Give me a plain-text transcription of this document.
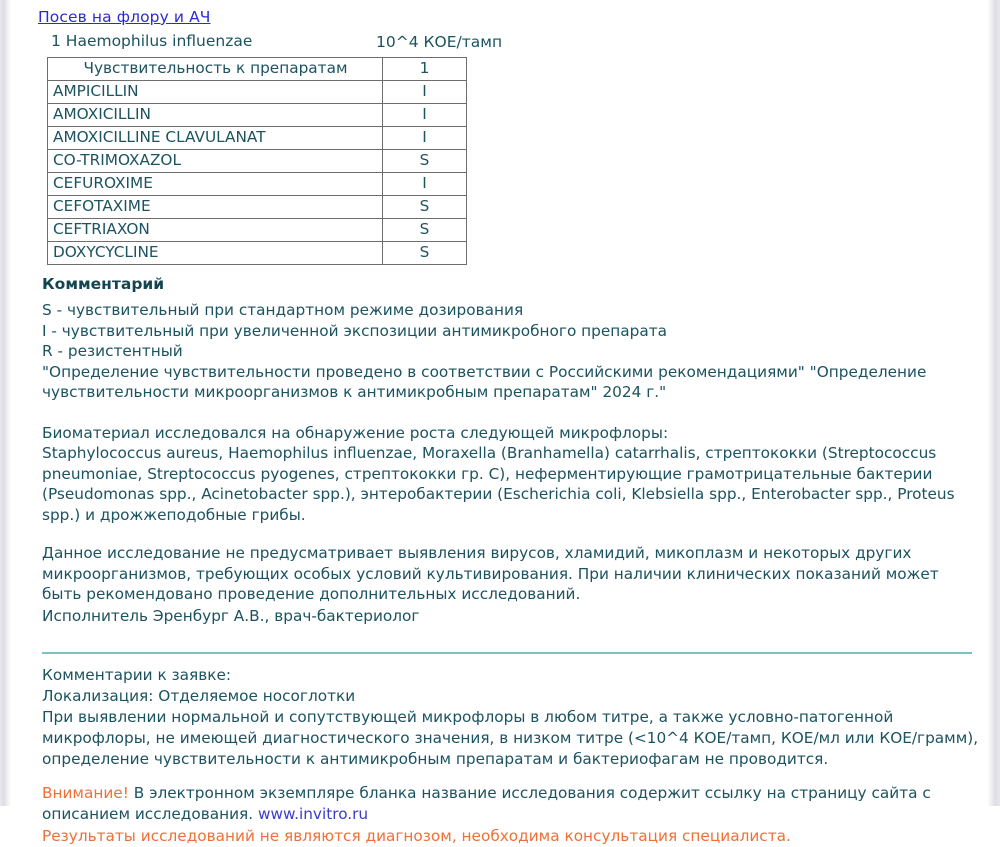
Посев на флору и АЧ
1 Haemophilus influenzae	10^4 КОЕ/тамп
Чувствительность к препаратам	1
AMPICILLIN	I
AMOXICILLIN	I
AMOXICILLINE CLAVULANAT	I
CO-TRIMOXAZOL	S
CEFUROXIME	I
CEFOTAXIME	S
CEFTRIAXON	S
DOXYCYCLINE	S
Комментарий
S - чувствительный при стандартном режиме дозирования
I - чувствительный при увеличенной экспозиции антимикробного препарата
R - резистентный
"Определение чувствительности проведено в соответствии с Российскими рекомендациями" "Определение чувствительности микроорганизмов к антимикробным препаратам" 2024 г."
Биоматериал исследовался на обнаружение роста следующей микрофлоры:
Staphylococcus aureus, Haemophilus influenzae, Moraxella (Branhamella) catarrhalis, стрептококки (Streptococcus pneumoniae, Streptococcus pyogenes, стрептококки гр. C), неферментирующие грамотрицательные бактерии (Pseudomonas spp., Acinetobacter spp.), энтеробактерии (Escherichia coli, Klebsiella spp., Enterobacter spp., Proteus spp.) и дрожжеподобные грибы.
Данное исследование не предусматривает выявления вирусов, хламидий, микоплазм и некоторых других микроорганизмов, требующих особых условий культивирования. При наличии клинических показаний может быть рекомендовано проведение дополнительных исследований.
Исполнитель Эренбург А.В., врач-бактериолог
Комментарии к заявке:
Локализация: Отделяемое носоглотки
При выявлении нормальной и сопутствующей микрофлоры в любом титре, а также условно-патогенной микрофлоры, не имеющей диагностического значения, в низком титре (<10^4 КОЕ/тамп, КОЕ/мл или КОЕ/грамм), определение чувствительности к антимикробным препаратам и бактериофагам не проводится.
Внимание! В электронном экземпляре бланка название исследования содержит ссылку на страницу сайта с описанием исследования. www.invitro.ru
Результаты исследований не являются диагнозом, необходима консультация специалиста.
